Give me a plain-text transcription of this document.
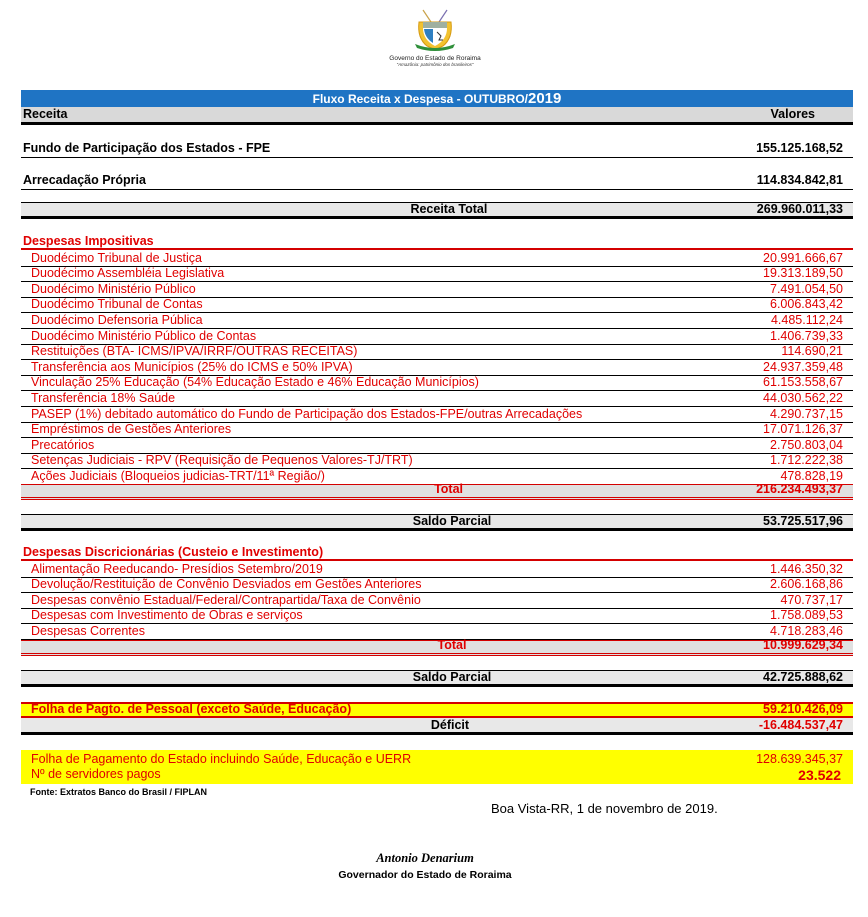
Governo do Estado de Roraima
"Amazônia: patrimônio dos brasileiros"
Fluxo Receita x Despesa - OUTUBRO/2019
Receita	Valores
Fundo de Participação dos Estados - FPE	155.125.168,52
Arrecadação Própria	114.834.842,81
Receita Total	269.960.011,33
Despesas Impositivas
Duodécimo Tribunal de Justiça	20.991.666,67
Duodécimo Assembléia Legislativa	19.313.189,50
Duodécimo Ministério Público	7.491.054,50
Duodécimo Tribunal de Contas	6.006.843,42
Duodécimo Defensoria Pública	4.485.112,24
Duodécimo Ministério Público de Contas	1.406.739,33
Restituições (BTA- ICMS/IPVA/IRRF/OUTRAS RECEITAS)	114.690,21
Transferência aos Municípios (25% do ICMS e 50% IPVA)	24.937.359,48
Vinculação 25% Educação (54% Educação Estado e 46% Educação Municípios)	61.153.558,67
Transferência 18% Saúde	44.030.562,22
PASEP (1%) debitado automático do Fundo de Participação dos Estados-FPE/outras Arrecadações	4.290.737,15
Empréstimos de Gestões Anteriores	17.071.126,37
Precatórios	2.750.803,04
Setenças Judiciais - RPV (Requisição de Pequenos Valores-TJ/TRT)	1.712.222,38
Ações Judiciais (Bloqueios judicias-TRT/11ª Região/)	478.828,19
Total	216.234.493,37
Saldo Parcial	53.725.517,96
Despesas Discricionárias (Custeio e Investimento)
Alimentação Reeducando- Presídios Setembro/2019	1.446.350,32
Devolução/Restituição de Convênio Desviados em Gestões Anteriores	2.606.168,86
Despesas convênio Estadual/Federal/Contrapartida/Taxa de Convênio	470.737,17
Despesas com Investimento de Obras e serviços	1.758.089,53
Despesas Correntes	4.718.283,46
Total	10.999.629,34
Saldo Parcial	42.725.888,62
Folha de Pagto. de Pessoal (exceto Saúde, Educação)	59.210.426,09
Déficit	-16.484.537,47
Folha de Pagamento do Estado incluindo Saúde, Educação e UERR	128.639.345,37
Nº de servidores pagos	23.522
Fonte: Extratos Banco do Brasil / FIPLAN
Boa Vista-RR, 1 de novembro de 2019.
Antonio Denarium
Governador do Estado de Roraima
